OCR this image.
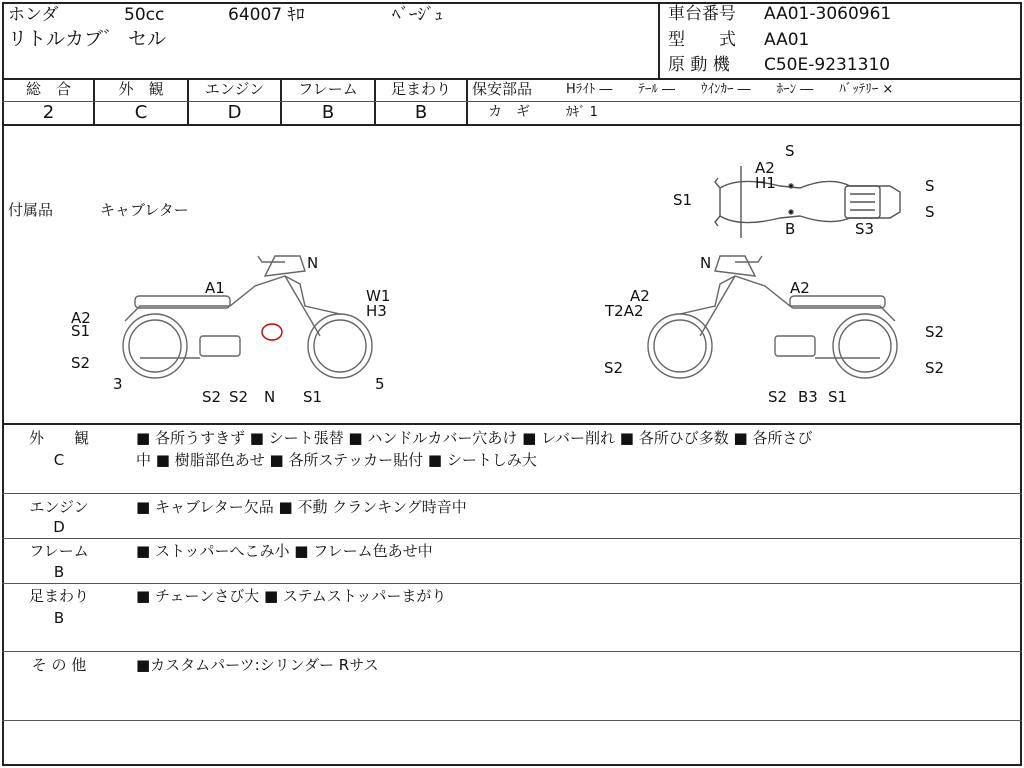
ホンダ	50cc	64007 ｷﾛ	ﾍﾞｰｼﾞｭ
リトルカブ゛ セル
車台番号 AA01-3060961
型　　式 AA01
原 動 機 C50E-9231310
総　合	外　観	エンジン	フレーム	足まわり
2	C	D	B	B
保安部品	Hﾗｲﾄ ―　　ﾃｰﾙ ―　　ｳｲﾝｶｰ ―　　ﾎｰﾝ ―　　ﾊﾞｯﾃﾘｰ ×
カ　ギ	ｶｷﾞ 1
付属品	キャブレター
S
A2
H1
S1
B	S3
S
S
N
A1
A2
S1
S2
W1
H3
3	5
S2 S2 N S1
N
A2
T2A2
A2
S2
S2
S2
S2 B3 S1
外　　観
C
■ 各所うすきず ■ シート張替 ■ ハンドルカバー穴あけ ■ レバー削れ ■ 各所ひび多数 ■ 各所さび
中 ■ 樹脂部色あせ ■ 各所ステッカー貼付 ■ シートしみ大
エンジン
D
■ キャブレター欠品 ■ 不動 クランキング時音中
フレーム
B
■ ストッパーへこみ小 ■ フレーム色あせ中
足まわり
B
■ チェーンさび大 ■ ステムストッパーまがり
そ の 他	■カスタムパーツ:シリンダー Rサス
